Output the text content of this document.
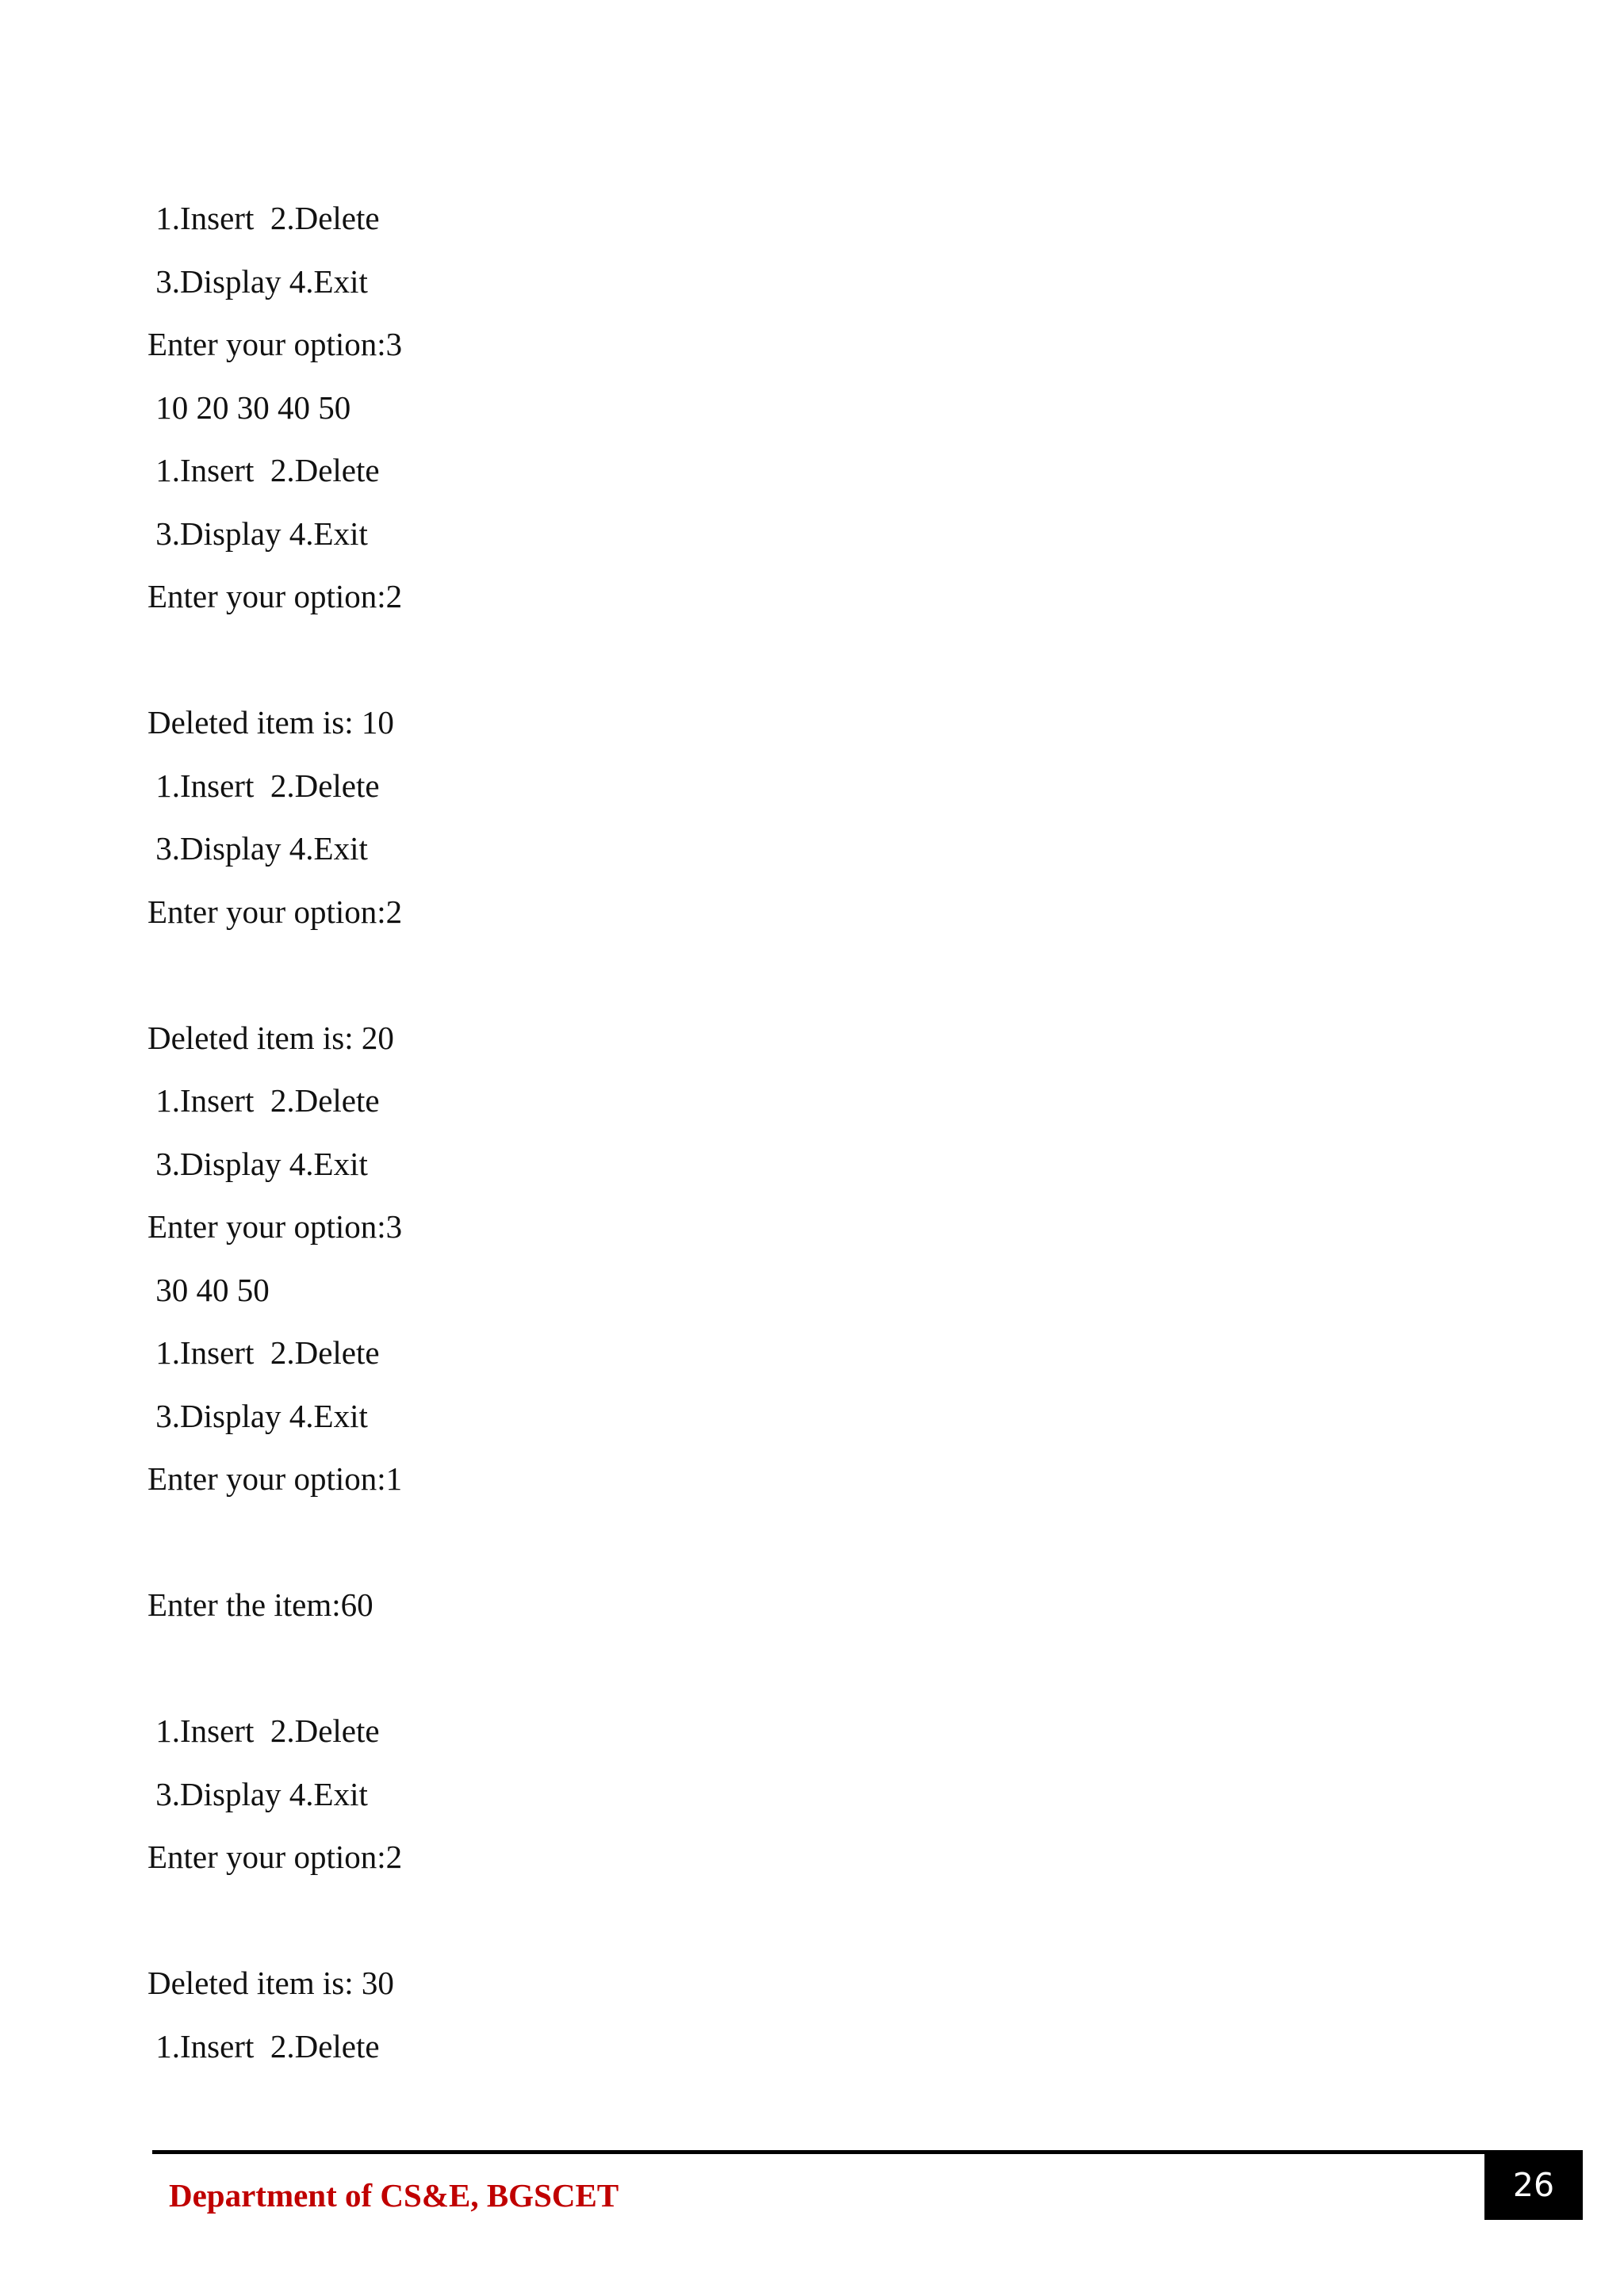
1.Insert  2.Delete
3.Display 4.Exit
Enter your option:3
10 20 30 40 50
1.Insert  2.Delete
3.Display 4.Exit
Enter your option:2
Deleted item is: 10
1.Insert  2.Delete
3.Display 4.Exit
Enter your option:2
Deleted item is: 20
1.Insert  2.Delete
3.Display 4.Exit
Enter your option:3
30 40 50
1.Insert  2.Delete
3.Display 4.Exit
Enter your option:1
Enter the item:60
1.Insert  2.Delete
3.Display 4.Exit
Enter your option:2
Deleted item is: 30
1.Insert  2.Delete
Department of CS&E, BGSCET	26
